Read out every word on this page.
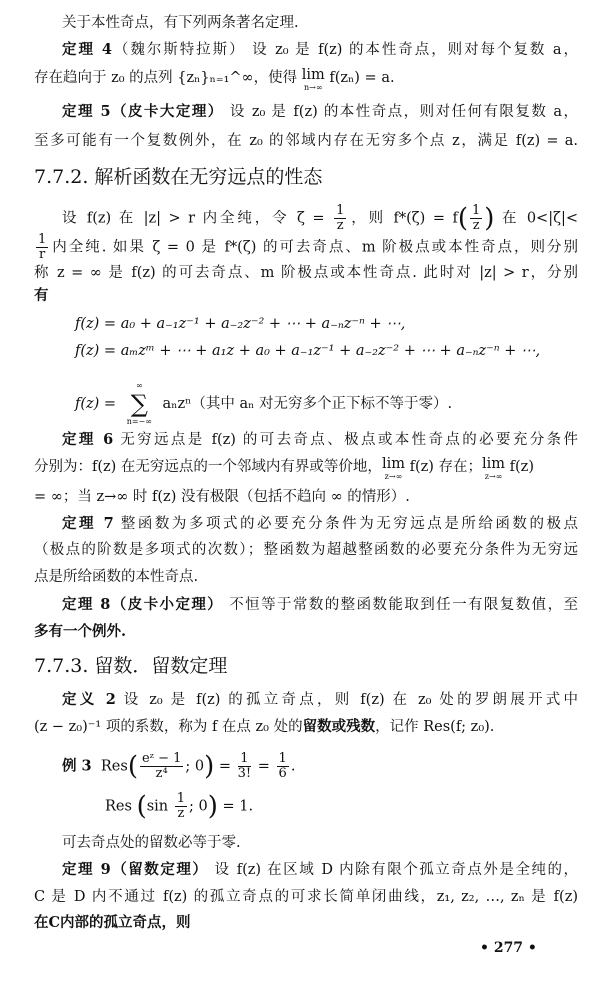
关于本性奇点，有下列两条著名定理.
定理 4（魏尔斯特拉斯） 设 z₀ 是 f(z) 的本性奇点，则对每个复数 a，
存在趋向于 z₀ 的点列 {zₙ}ₙ₌₁^∞，使得 lim
n→∞
f(zₙ) = a.
定理 5（皮卡大定理） 设 z₀ 是 f(z) 的本性奇点，则对任何有限复数 a，
至多可能有一个复数例外，在 z₀ 的邻域内存在无穷多个点 z，满足 f(z) = a.
7.7.2. 解析函数在无穷远点的性态
设 f(z) 在 |z| > r 内全纯，令 $\zeta = \frac{1}{z}$ ，则 $f*(\zeta) = f( \frac{1}{z}$ ) 在 0<|ζ|<
$\frac{1}{r}$ 内全纯. 如果 ζ = 0 是 f*(ζ) 的可去奇点、m 阶极点或本性奇点，则分别
称 z = ∞ 是 f(z) 的可去奇点、m 阶极点或本性奇点. 此时对 |z| > r，分别
有
f(z) = a₀ + a₋₁z⁻¹ + a₋₂z⁻² + ⋯ + a₋ₙz⁻ⁿ + ⋯,
f(z) = aₘzᵐ + ⋯ + a₁z + a₀ + a₋₁z⁻¹ + a₋₂z⁻² + ⋯ + a₋ₙz⁻ⁿ + ⋯,
f(z) =
∞
∑
n=−∞
aₙzⁿ（其中 aₙ 对无穷多个正下标不等于零）.
定理 6 无穷远点是 f(z) 的可去奇点、极点或本性奇点的必要充分条件
分别为：f(z) 在无穷远点的一个邻域内有界或等价地， lim
z→∞
f(z) 存在； lim
z→∞
f(z)
= ∞；当 z→∞ 时 f(z) 没有极限（包括不趋向 ∞ 的情形）.
定理 7 整函数为多项式的必要充分条件为无穷远点是所给函数的极点
（极点的阶数是多项式的次数）；整函数为超越整函数的必要充分条件为无穷远
点是所给函数的本性奇点.
定理 8（皮卡小定理） 不恒等于常数的整函数能取到任一有限复数值，至
多有一个例外.
7.7.3. 留数．留数定理
定义 2 设 z₀ 是 f(z) 的孤立奇点，则 f(z) 在 z₀ 处的罗朗展开式中
(z − z₀)⁻¹ 项的系数，称为 f 在点 z₀ 处的留数或残数，记作 Res(f; z₀).
例 3 $Res( \frac{\text{eᶻ − 1}}{\text{z⁴}}$ ; $0) = \frac{1}{3!} = \frac{1}{6}$ .
Res ($\sin \frac{1}{z}$ ; 0) = 1.
可去奇点处的留数必等于零.
定理 9（留数定理） 设 f(z) 在区域 D 内除有限个孤立奇点外是全纯的，
C 是 D 内不通过 f(z) 的孤立奇点的可求长简单闭曲线，z₁, z₂, …, zₙ 是 f(z)
在C内部的孤立奇点，则
• 277 •
